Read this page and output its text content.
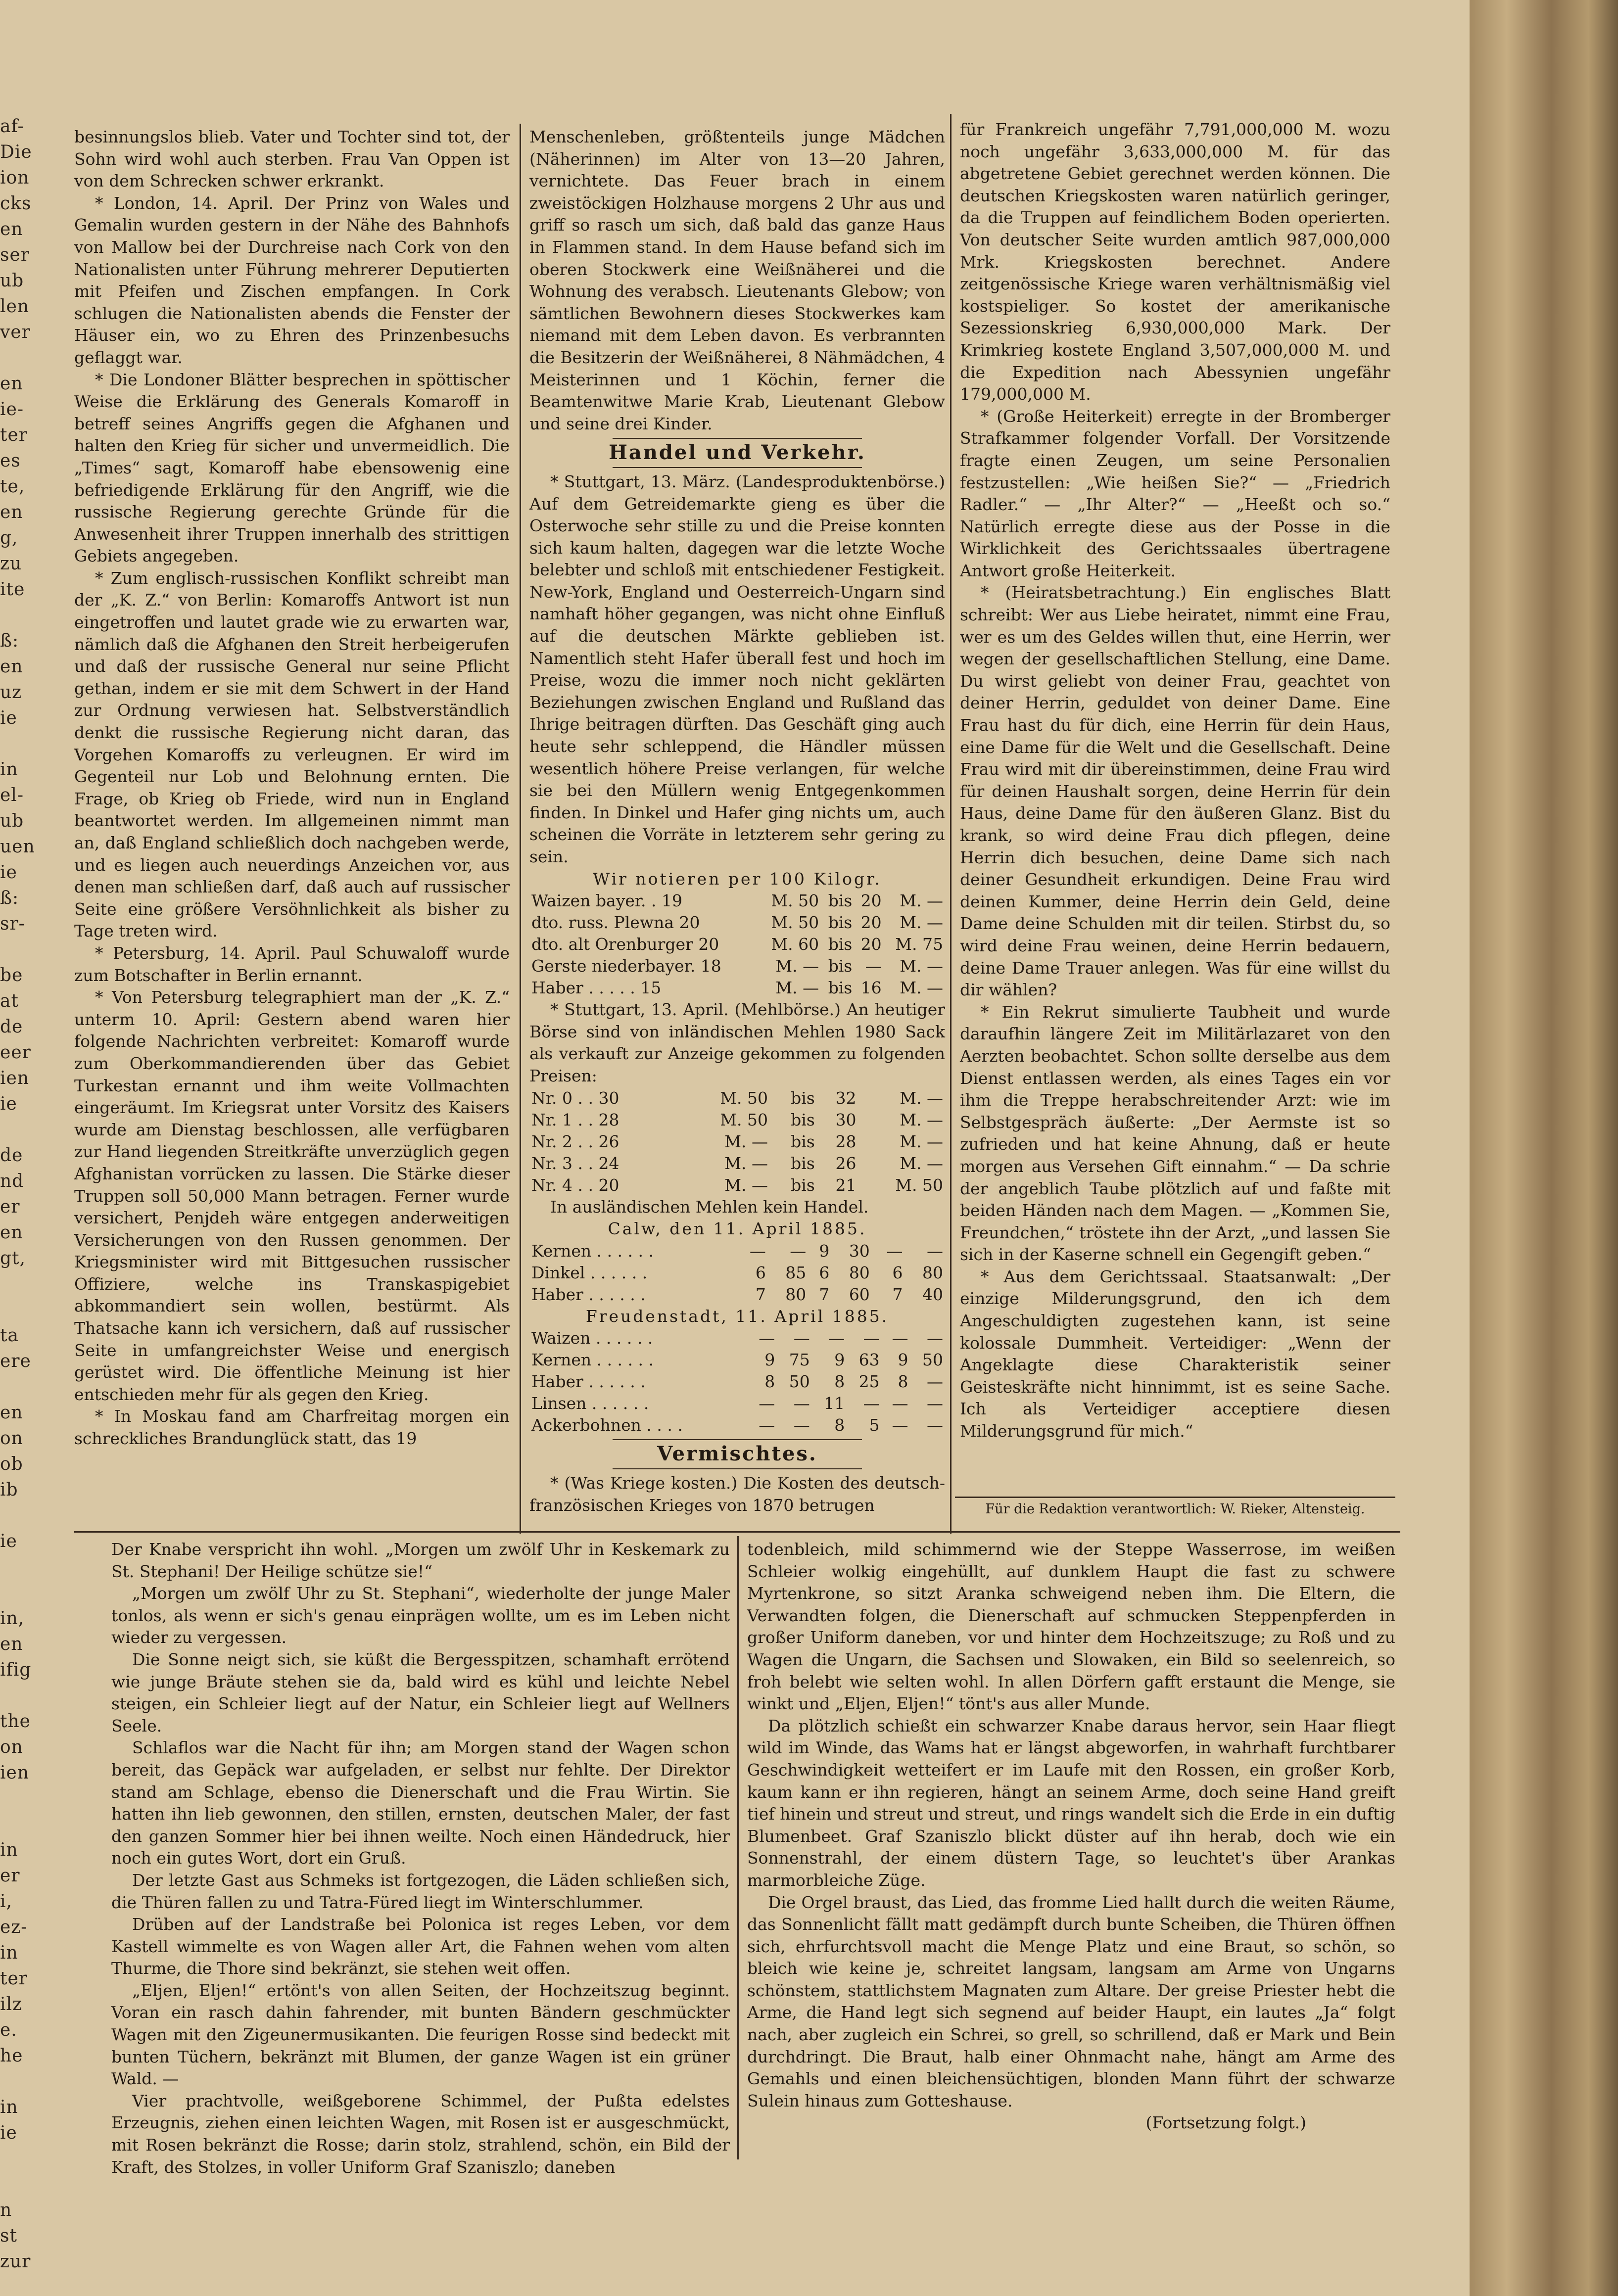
af-
Die
ion
cks
en
ser
ub
len
ver
en
ie-
ter
es
te,
en
g,
zu
ite
ß:
en
uz
ie
in
el-
ub
uen
ie
ß:
sr-
be
at
de
eer
ien
ie
de
nd
er
en
gt,
ta
ere
en
on
ob
ib
ie
in,
en
ifig
the
on
ien
in
er
i,
ez-
in
ter
ilz
e.
he
in
ie
n
st
zur

besinnungslos blieb. Vater und Tochter sind tot, der Sohn wird wohl auch sterben. Frau Van Oppen ist von dem Schrecken schwer erkrankt.

* London, 14. April. Der Prinz von Wales und Gemalin wurden gestern in der Nähe des Bahnhofs von Mallow bei der Durchreise nach Cork von den Nationalisten unter Führung mehrerer Deputierten mit Pfeifen und Zischen empfangen. In Cork schlugen die Nationalisten abends die Fenster der Häuser ein, wo zu Ehren des Prinzenbesuchs geflaggt war.

* Die Londoner Blätter besprechen in spöttischer Weise die Erklärung des Generals Komaroff in betreff seines Angriffs gegen die Afghanen und halten den Krieg für sicher und unvermeidlich. Die „Times“ sagt, Komaroff habe ebensowenig eine befriedigende Erklärung für den Angriff, wie die russische Regierung gerechte Gründe für die Anwesenheit ihrer Truppen innerhalb des strittigen Gebiets angegeben.

* Zum englisch-russischen Konflikt schreibt man der „K. Z.“ von Berlin: Komaroffs Antwort ist nun eingetroffen und lautet grade wie zu erwarten war, nämlich daß die Afghanen den Streit herbeigerufen und daß der russische General nur seine Pflicht gethan, indem er sie mit dem Schwert in der Hand zur Ordnung verwiesen hat. Selbstverständlich denkt die russische Regierung nicht daran, das Vorgehen Komaroffs zu verleugnen. Er wird im Gegenteil nur Lob und Belohnung ernten. Die Frage, ob Krieg ob Friede, wird nun in England beantwortet werden. Im allgemeinen nimmt man an, daß England schließlich doch nachgeben werde, und es liegen auch neuerdings Anzeichen vor, aus denen man schließen darf, daß auch auf russischer Seite eine größere Versöhnlichkeit als bisher zu Tage treten wird.

* Petersburg, 14. April. Paul Schuwaloff wurde zum Botschafter in Berlin ernannt.

* Von Petersburg telegraphiert man der „K. Z.“ unterm 10. April: Gestern abend waren hier folgende Nachrichten verbreitet: Komaroff wurde zum Oberkommandierenden über das Gebiet Turkestan ernannt und ihm weite Vollmachten eingeräumt. Im Kriegsrat unter Vorsitz des Kaisers wurde am Dienstag beschlossen, alle verfügbaren zur Hand liegenden Streitkräfte unverzüglich gegen Afghanistan vorrücken zu lassen. Die Stärke dieser Truppen soll 50,000 Mann betragen. Ferner wurde versichert, Penjdeh wäre entgegen anderweitigen Versicherungen von den Russen genommen. Der Kriegsminister wird mit Bittgesuchen russischer Offiziere, welche ins Transkaspigebiet abkommandiert sein wollen, bestürmt. Als Thatsache kann ich versichern, daß auf russischer Seite in umfangreichster Weise und energisch gerüstet wird. Die öffentliche Meinung ist hier entschieden mehr für als gegen den Krieg.

* In Moskau fand am Charfreitag morgen ein schreckliches Brandunglück statt, das 19

Menschenleben, größtenteils junge Mädchen (Näherinnen) im Alter von 13—20 Jahren, vernichtete. Das Feuer brach in einem zweistöckigen Holzhause morgens 2 Uhr aus und griff so rasch um sich, daß bald das ganze Haus in Flammen stand. In dem Hause befand sich im oberen Stockwerk eine Weißnäherei und die Wohnung des verabsch. Lieutenants Glebow; von sämtlichen Bewohnern dieses Stockwerkes kam niemand mit dem Leben davon. Es verbrannten die Besitzerin der Weißnäherei, 8 Nähmädchen, 4 Meisterinnen und 1 Köchin, ferner die Beamtenwitwe Marie Krab, Lieutenant Glebow und seine drei Kinder.

Handel und Verkehr.

* Stuttgart, 13. März. (Landesproduktenbörse.) Auf dem Getreidemarkte gieng es über die Osterwoche sehr stille zu und die Preise konnten sich kaum halten, dagegen war die letzte Woche belebter und schloß mit entschiedener Festigkeit. New-York, England und Oesterreich-Ungarn sind namhaft höher gegangen, was nicht ohne Einfluß auf die deutschen Märkte geblieben ist. Namentlich steht Hafer überall fest und hoch im Preise, wozu die immer noch nicht geklärten Beziehungen zwischen England und Rußland das Ihrige beitragen dürften. Das Geschäft ging auch heute sehr schleppend, die Händler müssen wesentlich höhere Preise verlangen, für welche sie bei den Müllern wenig Entgegenkommen finden. In Dinkel und Hafer ging nichts um, auch scheinen die Vorräte in letzterem sehr gering zu sein.

Wir notieren per 100 Kilogr.
Waizen bayer. . 19	M. 50	bis	20	M. —
dto. russ. Plewna 20	M. 50	bis	20	M. —
dto. alt Orenburger 20	M. 60	bis	20	M. 75
Gerste niederbayer. 18	M. —	bis	—	M. —
Haber . . . . . 15	M. —	bis	16	M. —

* Stuttgart, 13. April. (Mehlbörse.) An heutiger Börse sind von inländischen Mehlen 1980 Sack als verkauft zur Anzeige gekommen zu folgenden Preisen:

Nr. 0 . . 30	M. 50	bis	32	M. —
Nr. 1 . . 28	M. 50	bis	30	M. —
Nr. 2 . . 26	M. —	bis	28	M. —
Nr. 3 . . 24	M. —	bis	26	M. —
Nr. 4 . . 20	M. —	bis	21	M. 50

In ausländischen Mehlen kein Handel.

Calw, den 11. April 1885.
Kernen . . . . . .	—	—	9	30	—	—
Dinkel . . . . . .	6	85	6	80	6	80
Haber . . . . . .	7	80	7	60	7	40
Freudenstadt, 11. April 1885.
Waizen . . . . . .	—	—	—	—	—	—
Kernen . . . . . .	9	75	9	63	9	50
Haber . . . . . .	8	50	8	25	8	—
Linsen . . . . . .	—	—	11	—	—	—
Ackerbohnen . . . .	—	—	8	5	—	—
Vermischtes.

* (Was Kriege kosten.) Die Kosten des deutsch-französischen Krieges von 1870 betrugen

für Frankreich ungefähr 7,791,000,000 M. wozu noch ungefähr 3,633,000,000 M. für das abgetretene Gebiet gerechnet werden können. Die deutschen Kriegskosten waren natürlich geringer, da die Truppen auf feindlichem Boden operierten. Von deutscher Seite wurden amtlich 987,000,000 Mrk. Kriegskosten berechnet. Andere zeitgenössische Kriege waren verhältnismäßig viel kostspieliger. So kostet der amerikanische Sezessionskrieg 6,930,000,000 Mark. Der Krimkrieg kostete England 3,507,000,000 M. und die Expedition nach Abessynien ungefähr 179,000,000 M.

* (Große Heiterkeit) erregte in der Bromberger Strafkammer folgender Vorfall. Der Vorsitzende fragte einen Zeugen, um seine Personalien festzustellen: „Wie heißen Sie?“ — „Friedrich Radler.“ — „Ihr Alter?“ — „Heeßt och so.“ Natürlich erregte diese aus der Posse in die Wirklichkeit des Gerichtssaales übertragene Antwort große Heiterkeit.

* (Heiratsbetrachtung.) Ein englisches Blatt schreibt: Wer aus Liebe heiratet, nimmt eine Frau, wer es um des Geldes willen thut, eine Herrin, wer wegen der gesellschaftlichen Stellung, eine Dame. Du wirst geliebt von deiner Frau, geachtet von deiner Herrin, geduldet von deiner Dame. Eine Frau hast du für dich, eine Herrin für dein Haus, eine Dame für die Welt und die Gesellschaft. Deine Frau wird mit dir übereinstimmen, deine Frau wird für deinen Haushalt sorgen, deine Herrin für dein Haus, deine Dame für den äußeren Glanz. Bist du krank, so wird deine Frau dich pflegen, deine Herrin dich besuchen, deine Dame sich nach deiner Gesundheit erkundigen. Deine Frau wird deinen Kummer, deine Herrin dein Geld, deine Dame deine Schulden mit dir teilen. Stirbst du, so wird deine Frau weinen, deine Herrin bedauern, deine Dame Trauer anlegen. Was für eine willst du dir wählen?

* Ein Rekrut simulierte Taubheit und wurde daraufhin längere Zeit im Militärlazaret von den Aerzten beobachtet. Schon sollte derselbe aus dem Dienst entlassen werden, als eines Tages ein vor ihm die Treppe herabschreitender Arzt: wie im Selbstgespräch äußerte: „Der Aermste ist so zufrieden und hat keine Ahnung, daß er heute morgen aus Versehen Gift einnahm.“ — Da schrie der angeblich Taube plötzlich auf und faßte mit beiden Händen nach dem Magen. — „Kommen Sie, Freundchen,“ tröstete ihn der Arzt, „und lassen Sie sich in der Kaserne schnell ein Gegengift geben.“

* Aus dem Gerichtssaal. Staatsanwalt: „Der einzige Milderungsgrund, den ich dem Angeschuldigten zugestehen kann, ist seine kolossale Dummheit. Verteidiger: „Wenn der Angeklagte diese Charakteristik seiner Geisteskräfte nicht hinnimmt, ist es seine Sache. Ich als Verteidiger acceptiere diesen Milderungsgrund für mich.“

Für die Redaktion verantwortlich: W. Rieker, Altensteig.

Der Knabe verspricht ihn wohl. „Morgen um zwölf Uhr in Keskemark zu St. Stephani! Der Heilige schütze sie!“

„Morgen um zwölf Uhr zu St. Stephani“, wiederholte der junge Maler tonlos, als wenn er sich's genau einprägen wollte, um es im Leben nicht wieder zu vergessen.

Die Sonne neigt sich, sie küßt die Bergesspitzen, schamhaft errötend wie junge Bräute stehen sie da, bald wird es kühl und leichte Nebel steigen, ein Schleier liegt auf der Natur, ein Schleier liegt auf Wellners Seele.

Schlaflos war die Nacht für ihn; am Morgen stand der Wagen schon bereit, das Gepäck war aufgeladen, er selbst nur fehlte. Der Direktor stand am Schlage, ebenso die Dienerschaft und die Frau Wirtin. Sie hatten ihn lieb gewonnen, den stillen, ernsten, deutschen Maler, der fast den ganzen Sommer hier bei ihnen weilte. Noch einen Händedruck, hier noch ein gutes Wort, dort ein Gruß.

Der letzte Gast aus Schmeks ist fortgezogen, die Läden schließen sich, die Thüren fallen zu und Tatra-Füred liegt im Winterschlummer.

Drüben auf der Landstraße bei Polonica ist reges Leben, vor dem Kastell wimmelte es von Wagen aller Art, die Fahnen wehen vom alten Thurme, die Thore sind bekränzt, sie stehen weit offen.

„Eljen, Eljen!“ ertönt's von allen Seiten, der Hochzeitszug beginnt. Voran ein rasch dahin fahrender, mit bunten Bändern geschmückter Wagen mit den Zigeunermusikanten. Die feurigen Rosse sind bedeckt mit bunten Tüchern, bekränzt mit Blumen, der ganze Wagen ist ein grüner Wald. —

Vier prachtvolle, weißgeborene Schimmel, der Pußta edelstes Erzeugnis, ziehen einen leichten Wagen, mit Rosen ist er ausgeschmückt, mit Rosen bekränzt die Rosse; darin stolz, strahlend, schön, ein Bild der Kraft, des Stolzes, in voller Uniform Graf Szaniszlo; daneben

todenbleich, mild schimmernd wie der Steppe Wasserrose, im weißen Schleier wolkig eingehüllt, auf dunklem Haupt die fast zu schwere Myrtenkrone, so sitzt Aranka schweigend neben ihm. Die Eltern, die Verwandten folgen, die Dienerschaft auf schmucken Steppenpferden in großer Uniform daneben, vor und hinter dem Hochzeitszuge; zu Roß und zu Wagen die Ungarn, die Sachsen und Slowaken, ein Bild so seelenreich, so froh belebt wie selten wohl. In allen Dörfern gafft erstaunt die Menge, sie winkt und „Eljen, Eljen!“ tönt's aus aller Munde.

Da plötzlich schießt ein schwarzer Knabe daraus hervor, sein Haar fliegt wild im Winde, das Wams hat er längst abgeworfen, in wahrhaft furchtbarer Geschwindigkeit wetteifert er im Laufe mit den Rossen, ein großer Korb, kaum kann er ihn regieren, hängt an seinem Arme, doch seine Hand greift tief hinein und streut und streut, und rings wandelt sich die Erde in ein duftig Blumenbeet. Graf Szaniszlo blickt düster auf ihn herab, doch wie ein Sonnenstrahl, der einem düstern Tage, so leuchtet's über Arankas marmorbleiche Züge.

Die Orgel braust, das Lied, das fromme Lied hallt durch die weiten Räume, das Sonnenlicht fällt matt gedämpft durch bunte Scheiben, die Thüren öffnen sich, ehrfurchtsvoll macht die Menge Platz und eine Braut, so schön, so bleich wie keine je, schreitet langsam, langsam am Arme von Ungarns schönstem, stattlichstem Magnaten zum Altare. Der greise Priester hebt die Arme, die Hand legt sich segnend auf beider Haupt, ein lautes „Ja“ folgt nach, aber zugleich ein Schrei, so grell, so schrillend, daß er Mark und Bein durchdringt. Die Braut, halb einer Ohnmacht nahe, hängt am Arme des Gemahls und einen bleichensüchtigen, blonden Mann führt der schwarze Sulein hinaus zum Gotteshause.

(Fortsetzung folgt.)
